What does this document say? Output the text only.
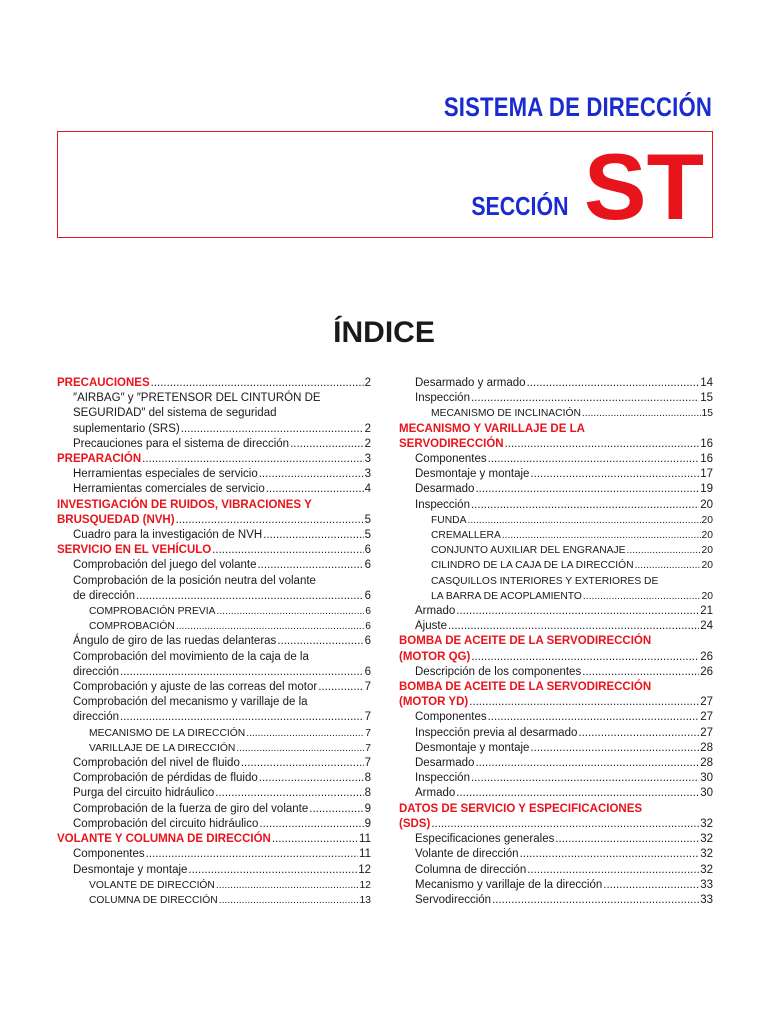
SISTEMA DE DIRECCIÓN
SECCIÓN ST
ÍNDICE
PRECAUCIONES .....	2
″AIRBAG″ y ″PRETENSOR DEL CINTURÓN DE
SEGURIDAD″ del sistema de seguridad
suplementario (SRS) .....	2
Precauciones para el sistema de dirección .....	2
PREPARACIÓN .....	3
Herramientas especiales de servicio .....	3
Herramientas comerciales de servicio .....	4
INVESTIGACIÓN DE RUIDOS, VIBRACIONES Y
BRUSQUEDAD (NVH) .....	5
Cuadro para la investigación de NVH .....	5
SERVICIO EN EL VEHÍCULO .....	6
Comprobación del juego del volante .....	6
Comprobación de la posición neutra del volante
de dirección .....	6
COMPROBACIÓN PREVIA .....	6
COMPROBACIÓN .....	6
Ángulo de giro de las ruedas delanteras .....	6
Comprobación del movimiento de la caja de la
dirección .....	6
Comprobación y ajuste de las correas del motor .....	7
Comprobación del mecanismo y varillaje de la
dirección .....	7
MECANISMO DE LA DIRECCIÓN .....	7
VARILLAJE DE LA DIRECCIÓN .....	7
Comprobación del nivel de fluido .....	7
Comprobación de pérdidas de fluido .....	8
Purga del circuito hidráulico .....	8
Comprobación de la fuerza de giro del volante .....	9
Comprobación del circuito hidráulico .....	9
VOLANTE Y COLUMNA DE DIRECCIÓN .....	11
Componentes .....	11
Desmontaje y montaje .....	12
VOLANTE DE DIRECCIÓN .....	12
COLUMNA DE DIRECCIÓN .....	13
Desarmado y armado .....	14
Inspección .....	15
MECANISMO DE INCLINACIÓN .....	15
MECANISMO Y VARILLAJE DE LA
SERVODIRECCIÓN .....	16
Componentes .....	16
Desmontaje y montaje .....	17
Desarmado .....	19
Inspección .....	20
FUNDA .....	20
CREMALLERA .....	20
CONJUNTO AUXILIAR DEL ENGRANAJE .....	20
CILINDRO DE LA CAJA DE LA DIRECCIÓN .....	20
CASQUILLOS INTERIORES Y EXTERIORES DE
LA BARRA DE ACOPLAMIENTO .....	20
Armado .....	21
Ajuste .....	24
BOMBA DE ACEITE DE LA SERVODIRECCIÓN
(MOTOR QG) .....	26
Descripción de los componentes .....	26
BOMBA DE ACEITE DE LA SERVODIRECCIÓN
(MOTOR YD) .....	27
Componentes .....	27
Inspección previa al desarmado .....	27
Desmontaje y montaje .....	28
Desarmado .....	28
Inspección .....	30
Armado .....	30
DATOS DE SERVICIO Y ESPECIFICACIONES
(SDS) .....	32
Especificaciones generales .....	32
Volante de dirección .....	32
Columna de dirección .....	32
Mecanismo y varillaje de la dirección .....	33
Servodirección .....	33
